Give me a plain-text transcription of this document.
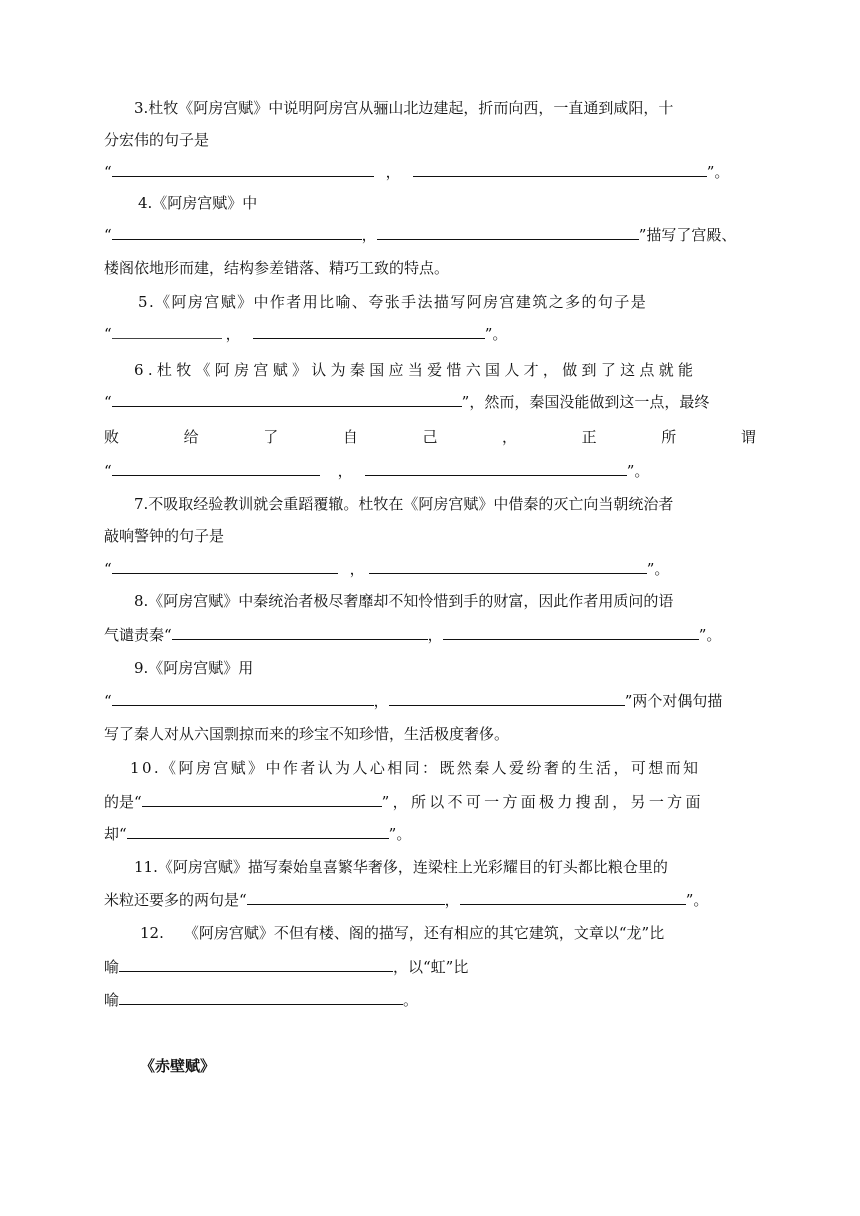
3.杜牧《阿房宫赋》中说明阿房宫从骊山北边建起，折而向西，一直通到咸阳，十
分宏伟的句子是
“	，	”。
4.《阿房宫赋》中
“	，	”描写了宫殿、
楼阁依地形而建，结构参差错落、精巧工致的特点。
5.《阿房宫赋》中作者用比喻、夸张手法描写阿房宫建筑之多的句子是
“	，	”。
6.杜牧《阿房宫赋》认为秦国应当爱惜六国人才，做到了这点就能
“	”，然而，秦国没能做到这一点，最终
败	给	了	自	己	，	正	所	谓
“	，	”。
7.不吸取经验教训就会重蹈覆辙。杜牧在《阿房宫赋》中借秦的灭亡向当朝统治者
敲响警钟的句子是
“	，	”。
8.《阿房宫赋》中秦统治者极尽奢靡却不知怜惜到手的财富，因此作者用质问的语
气谴责秦“	，	”。
9.《阿房宫赋》用
“	，	”两个对偶句描
写了秦人对从六国剽掠而来的珍宝不知珍惜，生活极度奢侈。
10.《阿房宫赋》中作者认为人心相同：既然秦人爱纷奢的生活，可想而知
的是“	”，所以不可一方面极力搜刮，另一方面
却“	”。
11.《阿房宫赋》描写秦始皇喜繁华奢侈，连梁柱上光彩耀目的钉头都比粮仓里的
米粒还要多的两句是“	，	”。
12. 《阿房宫赋》不但有楼、阁的描写，还有相应的其它建筑，文章以“龙”比
喻	，以“虹”比
喻	。
《赤壁赋》
